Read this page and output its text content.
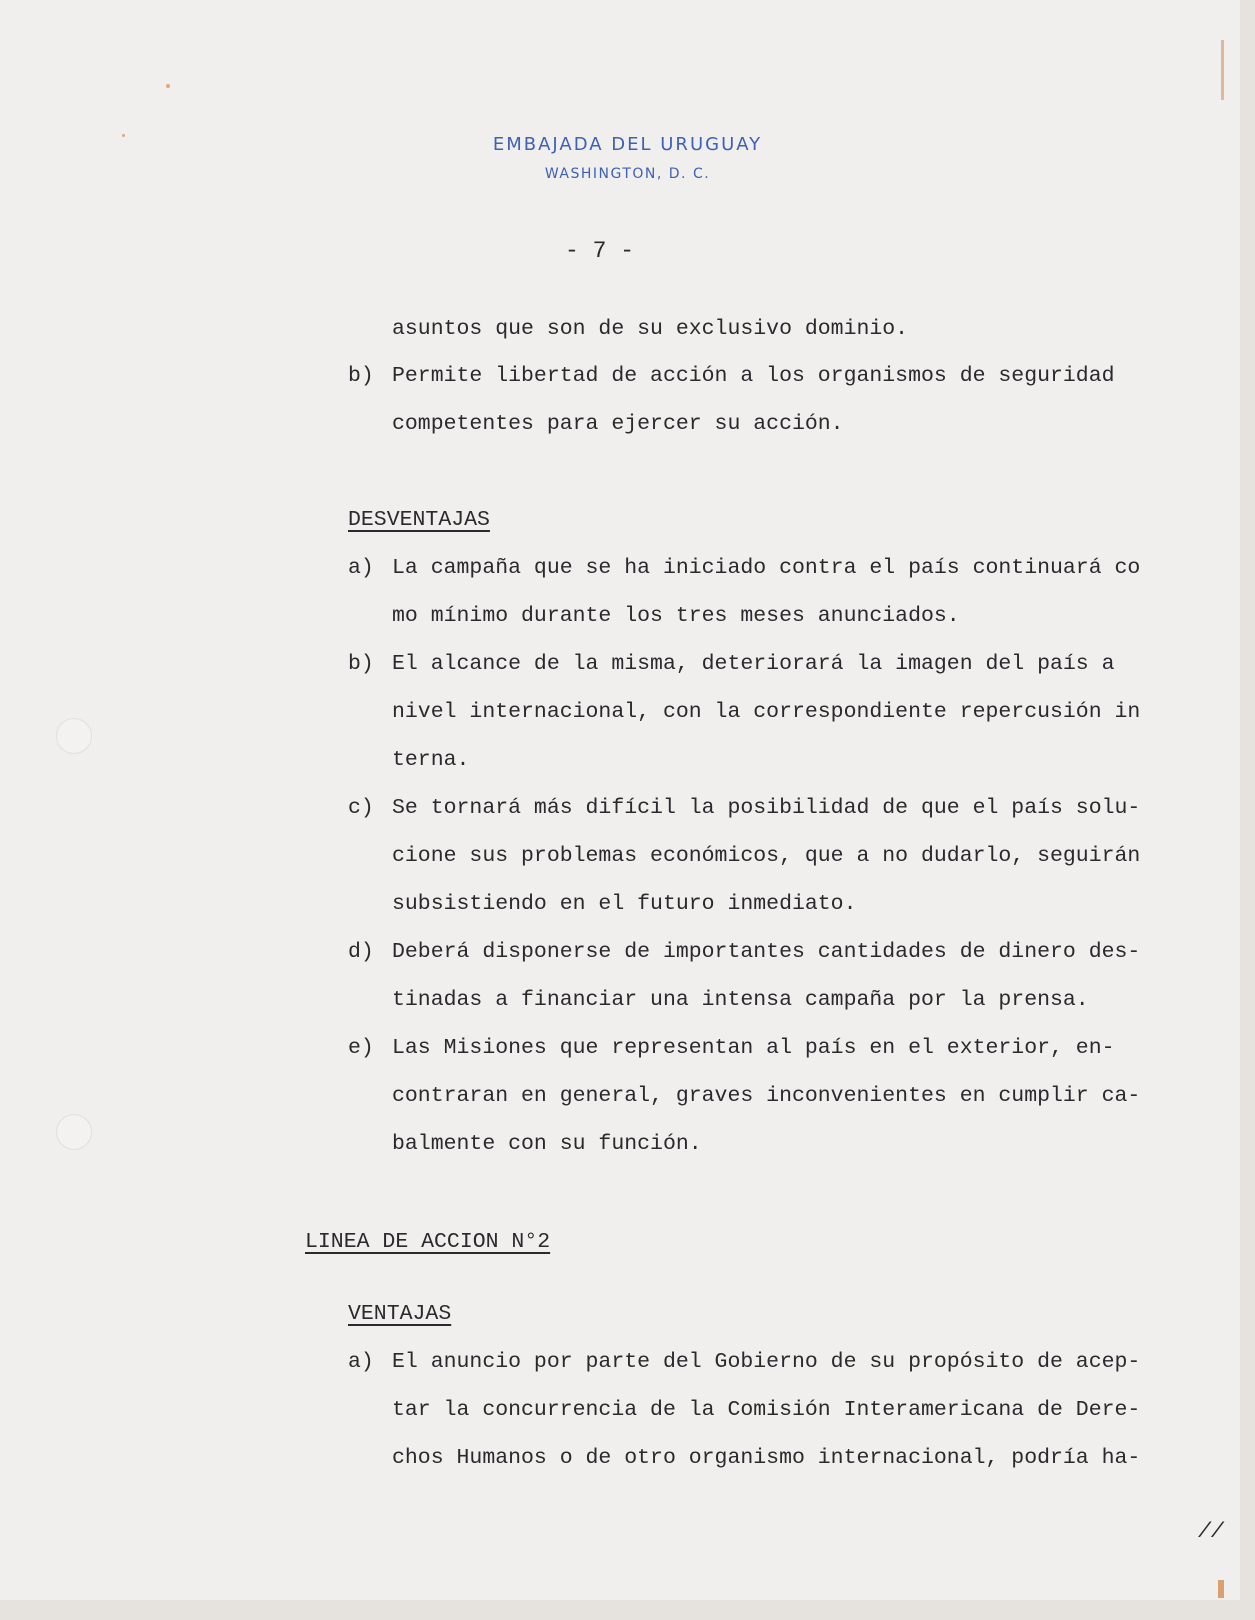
EMBAJADA DEL URUGUAY
WASHINGTON, D. C.
- 7 -
asuntos que son de su exclusivo dominio.
b) Permite libertad de acción a los organismos de seguridad
competentes para ejercer su acción.
DESVENTAJAS
a) La campaña que se ha iniciado contra el país continuará co
mo mínimo durante los tres meses anunciados.
b) El alcance de la misma, deteriorará la imagen del país a
nivel internacional, con la correspondiente repercusión in
terna.
c) Se tornará más difícil la posibilidad de que el país solu-
cione sus problemas económicos, que a no dudarlo, seguirán
subsistiendo en el futuro inmediato.
d) Deberá disponerse de importantes cantidades de dinero des-
tinadas a financiar una intensa campaña por la prensa.
e) Las Misiones que representan al país en el exterior, en-
contraran en general, graves inconvenientes en cumplir ca-
balmente con su función.
LINEA DE ACCION N°2
VENTAJAS
a) El anuncio por parte del Gobierno de su propósito de acep-
tar la concurrencia de la Comisión Interamericana de Dere-
chos Humanos o de otro organismo internacional, podría ha-
//
